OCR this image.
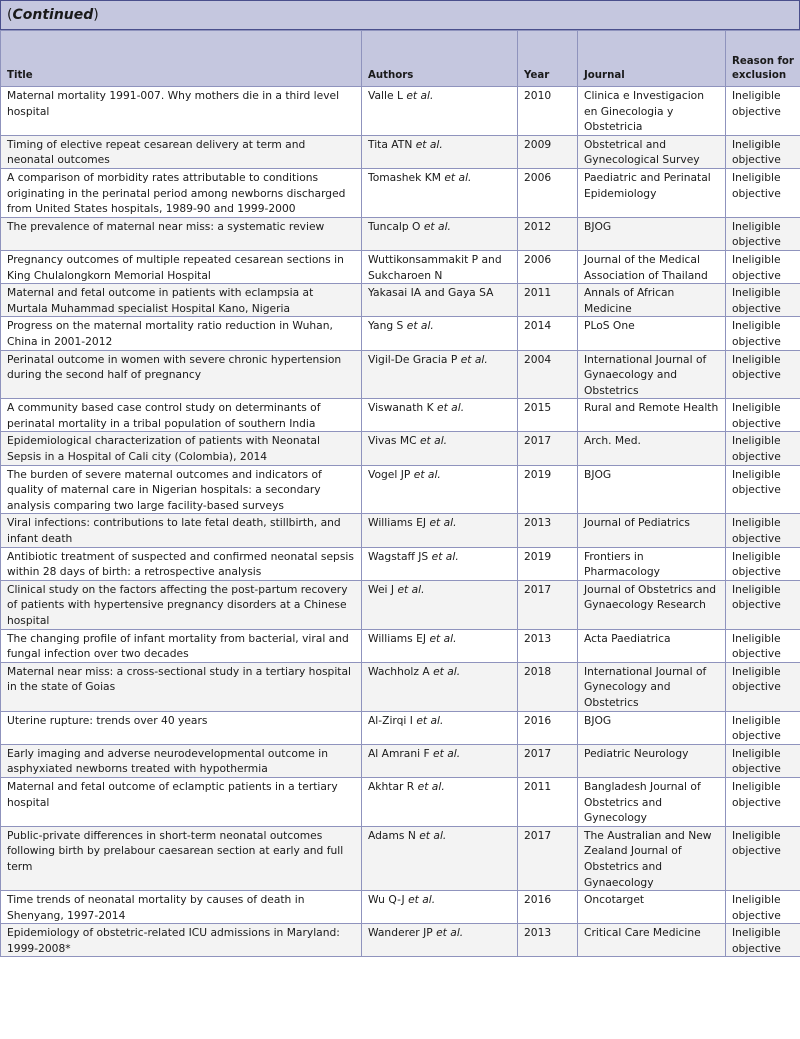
(Continued)
Title	Authors	Year	Journal	Reason for exclusion
Maternal mortality 1991-007. Why mothers die in a third level hospital	Valle L et al.	2010	Clinica e Investigacion en Ginecologia y Obstetricia	Ineligible objective
Timing of elective repeat cesarean delivery at term and neonatal outcomes	Tita ATN et al.	2009	Obstetrical and Gynecological Survey	Ineligible objective
A comparison of morbidity rates attributable to conditions originating in the perinatal period among newborns discharged from United States hospitals, 1989-90 and 1999-2000	Tomashek KM et al.	2006	Paediatric and Perinatal Epidemiology	Ineligible objective
The prevalence of maternal near miss: a systematic review	Tuncalp O et al.	2012	BJOG	Ineligible objective
Pregnancy outcomes of multiple repeated cesarean sections in King Chulalongkorn Memorial Hospital	Wuttikonsammakit P and Sukcharoen N	2006	Journal of the Medical Association of Thailand	Ineligible objective
Maternal and fetal outcome in patients with eclampsia at Murtala Muhammad specialist Hospital Kano, Nigeria	Yakasai IA and Gaya SA	2011	Annals of African Medicine	Ineligible objective
Progress on the maternal mortality ratio reduction in Wuhan, China in 2001-2012	Yang S et al.	2014	PLoS One	Ineligible objective
Perinatal outcome in women with severe chronic hypertension during the second half of pregnancy	Vigil-De Gracia P et al.	2004	International Journal of Gynaecology and Obstetrics	Ineligible objective
A community based case control study on determinants of perinatal mortality in a tribal population of southern India	Viswanath K et al.	2015	Rural and Remote Health	Ineligible objective
Epidemiological characterization of patients with Neonatal Sepsis in a Hospital of Cali city (Colombia), 2014	Vivas MC et al.	2017	Arch. Med.	Ineligible objective
The burden of severe maternal outcomes and indicators of quality of maternal care in Nigerian hospitals: a secondary analysis comparing two large facility-based surveys	Vogel JP et al.	2019	BJOG	Ineligible objective
Viral infections: contributions to late fetal death, stillbirth, and infant death	Williams EJ et al.	2013	Journal of Pediatrics	Ineligible objective
Antibiotic treatment of suspected and confirmed neonatal sepsis within 28 days of birth: a retrospective analysis	Wagstaff JS et al.	2019	Frontiers in Pharmacology	Ineligible objective
Clinical study on the factors affecting the post-partum recovery of patients with hypertensive pregnancy disorders at a Chinese hospital	Wei J et al.	2017	Journal of Obstetrics and Gynaecology Research	Ineligible objective
The changing profile of infant mortality from bacterial, viral and fungal infection over two decades	Williams EJ et al.	2013	Acta Paediatrica	Ineligible objective
Maternal near miss: a cross-sectional study in a tertiary hospital in the state of Goias	Wachholz A et al.	2018	International Journal of Gynecology and Obstetrics	Ineligible objective
Uterine rupture: trends over 40 years	Al-Zirqi I et al.	2016	BJOG	Ineligible objective
Early imaging and adverse neurodevelopmental outcome in asphyxiated newborns treated with hypothermia	Al Amrani F et al.	2017	Pediatric Neurology	Ineligible objective
Maternal and fetal outcome of eclamptic patients in a tertiary hospital	Akhtar R et al.	2011	Bangladesh Journal of Obstetrics and Gynecology	Ineligible objective
Public-private differences in short-term neonatal outcomes following birth by prelabour caesarean section at early and full term	Adams N et al.	2017	The Australian and New Zealand Journal of Obstetrics and Gynaecology	Ineligible objective
Time trends of neonatal mortality by causes of death in Shenyang, 1997-2014	Wu Q-J et al.	2016	Oncotarget	Ineligible objective
Epidemiology of obstetric-related ICU admissions in Maryland: 1999-2008*	Wanderer JP et al.	2013	Critical Care Medicine	Ineligible objective
